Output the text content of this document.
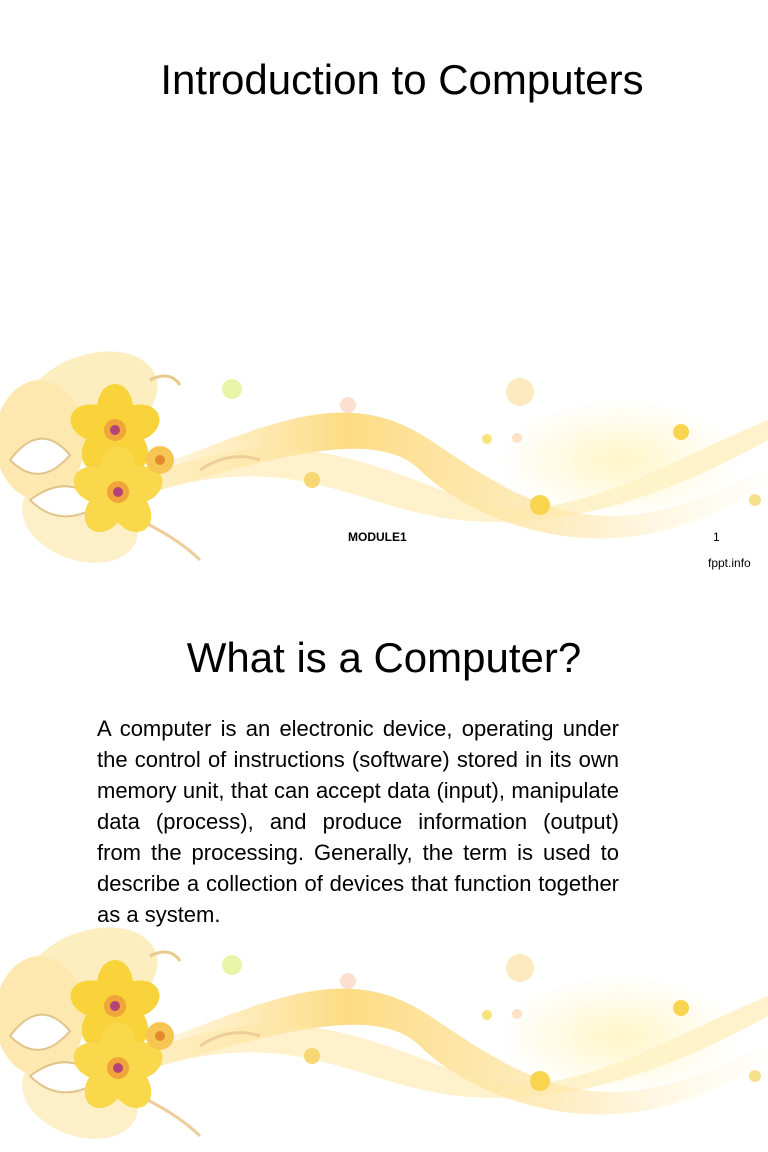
Introduction to Computers
MODULE1	1
fppt.info
What is a Computer?

A computer is an electronic device, operating under the control of instructions (software) stored in its own memory unit, that can accept data (input), manipulate data (process), and produce information (output) from the processing. Generally, the term is used to describe a collection of devices that function together as a system.
